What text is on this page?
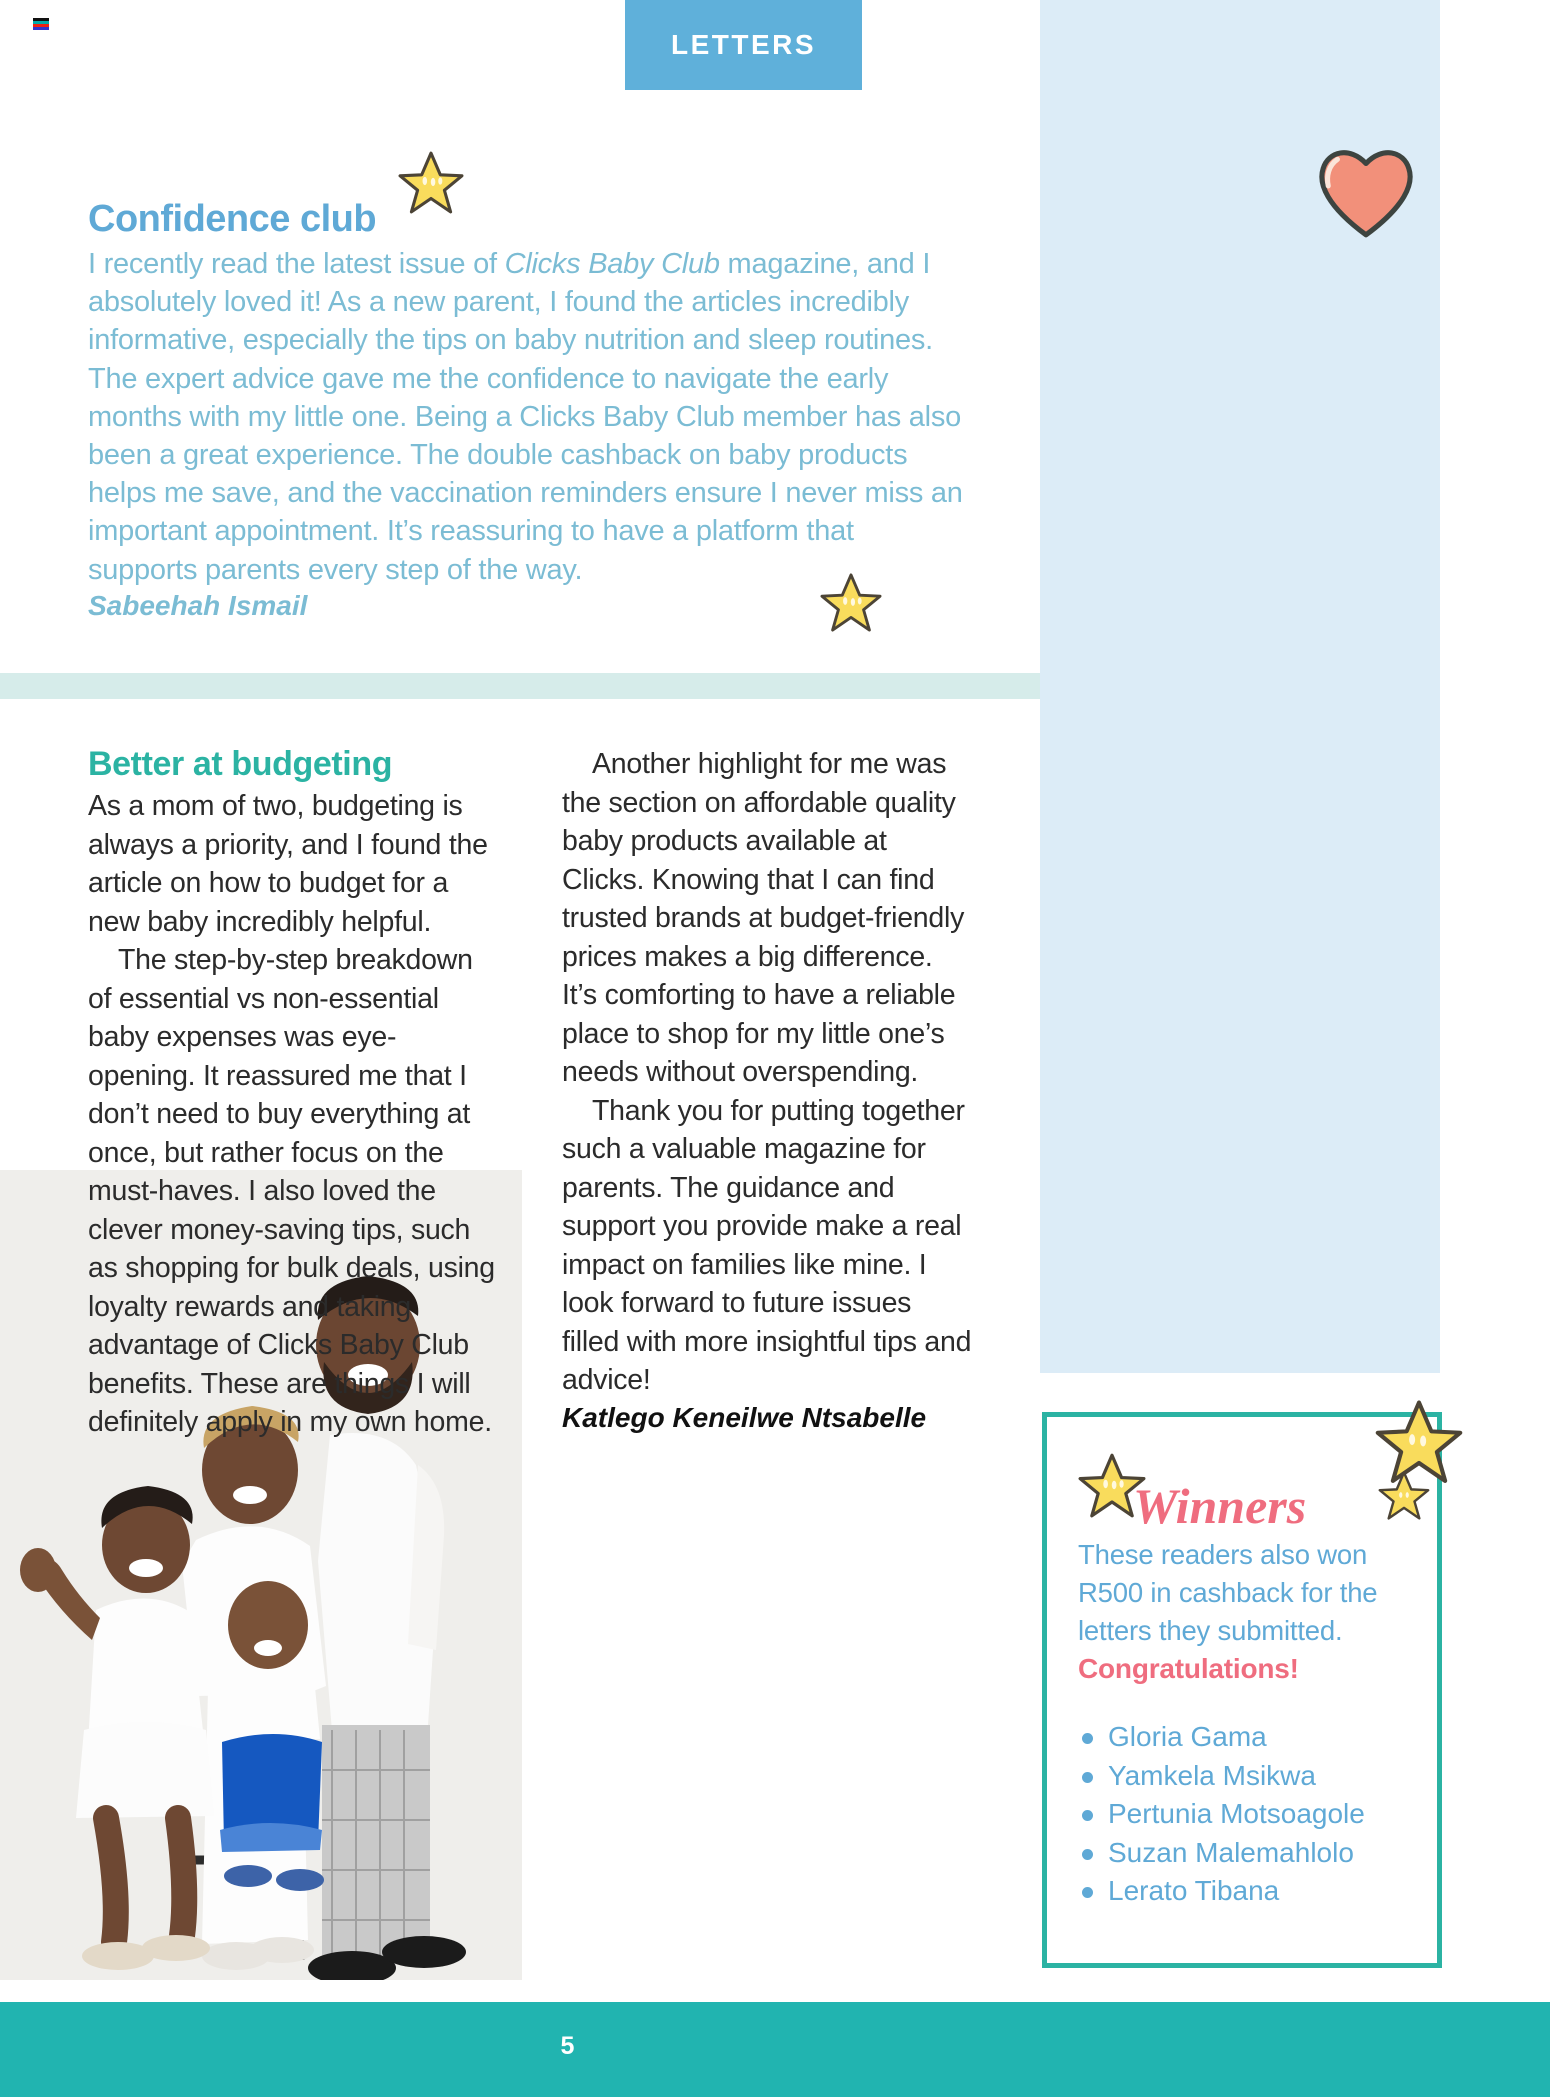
LETTERS
Confidence club
I recently read the latest issue of Clicks Baby Club magazine, and I absolutely loved it! As a new parent, I found the articles incredibly informative, especially the tips on baby nutrition and sleep routines. The expert advice gave me the confidence to navigate the early months with my little one. Being a Clicks Baby Club member has also been a great experience. The double cashback on baby products helps me save, and the vaccination reminders ensure I never miss an important appointment. It’s reassuring to have a platform that supports parents every step of the way.
Sabeehah Ismail
Better at budgeting

As a mom of two, budgeting is always a priority, and I found the article on how to budget for a new baby incredibly helpful.

The step-by-step breakdown of essential vs non-essential baby expenses was eye-opening. It reassured me that I don’t need to buy everything at once, but rather focus on the must-haves. I also loved the clever money-saving tips, such as shopping for bulk deals, using loyalty rewards and taking advantage of Clicks Baby Club benefits. These are things I will definitely apply in my own home.

Another highlight for me was the section on affordable quality baby products available at Clicks. Knowing that I can find trusted brands at budget-friendly prices makes a big difference. It’s comforting to have a reliable place to shop for my little one’s needs without overspending.

Thank you for putting together such a valuable magazine for parents. The guidance and support you provide make a real impact on families like mine. I look forward to future issues filled with more insightful tips and advice!

Katlego Keneilwe Ntsabelle
Winners
These readers also won R500 in cashback for the letters they submitted. Congratulations!
Gloria Gama
Yamkela Msikwa
Pertunia Motsoagole
Suzan Malemahlolo
Lerato Tibana
5
